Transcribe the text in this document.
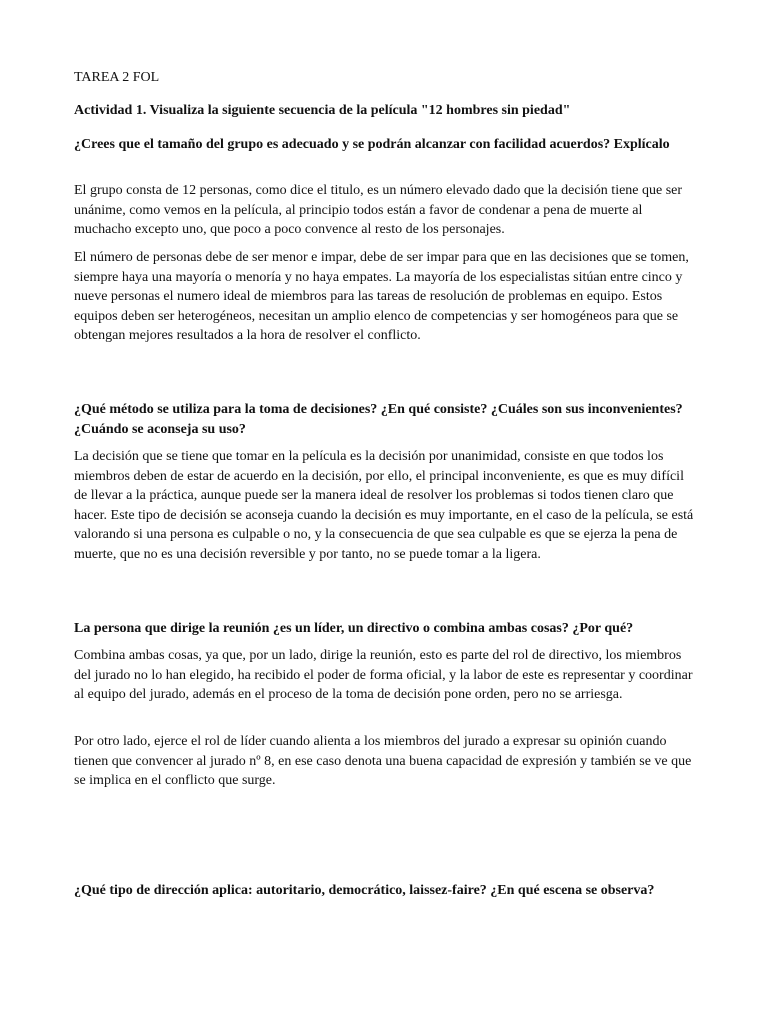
TAREA 2 FOL

Actividad 1. Visualiza la siguiente secuencia de la película "12 hombres sin piedad"

¿Crees que el tamaño del grupo es adecuado y se podrán alcanzar con facilidad acuerdos? Explícalo

El grupo consta de 12 personas, como dice el titulo, es un número elevado dado que la decisión tiene que ser unánime, como vemos en la película, al principio todos están a favor de condenar a pena de muerte al muchacho excepto uno, que poco a poco convence al resto de los personajes.

El número de personas debe de ser menor e impar, debe de ser impar para que en las decisiones que se tomen, siempre haya una mayoría o menoría y no haya empates. La mayoría de los especialistas sitúan entre cinco y nueve personas el numero ideal de miembros para las tareas de resolución de problemas en equipo. Estos equipos deben ser heterogéneos, necesitan un amplio elenco de competencias y ser homogéneos para que se obtengan mejores resultados a la hora de resolver el conflicto.

¿Qué método se utiliza para la toma de decisiones? ¿En qué consiste? ¿Cuáles son sus inconvenientes? ¿Cuándo se aconseja su uso?

La decisión que se tiene que tomar en la película es la decisión por unanimidad, consiste en que todos los miembros deben de estar de acuerdo en la decisión, por ello, el principal inconveniente, es que es muy difícil de llevar a la práctica, aunque puede ser la manera ideal de resolver los problemas si todos tienen claro que hacer. Este tipo de decisión se aconseja cuando la decisión es muy importante, en el caso de la película, se está valorando si una persona es culpable o no, y la consecuencia de que sea culpable es que se ejerza la pena de muerte, que no es una decisión reversible y por tanto, no se puede tomar a la ligera.

La persona que dirige la reunión ¿es un líder, un directivo o combina ambas cosas? ¿Por qué?

Combina ambas cosas, ya que, por un lado, dirige la reunión, esto es parte del rol de directivo, los miembros del jurado no lo han elegido, ha recibido el poder de forma oficial, y la labor de este es representar y coordinar al equipo del jurado, además en el proceso de la toma de decisión pone orden, pero no se arriesga.

Por otro lado, ejerce el rol de líder cuando alienta a los miembros del jurado a expresar su opinión cuando tienen que convencer al jurado nº 8, en ese caso denota una buena capacidad de expresión y también se ve que se implica en el conflicto que surge.

¿Qué tipo de dirección aplica: autoritario, democrático, laissez-faire? ¿En qué escena se observa?
